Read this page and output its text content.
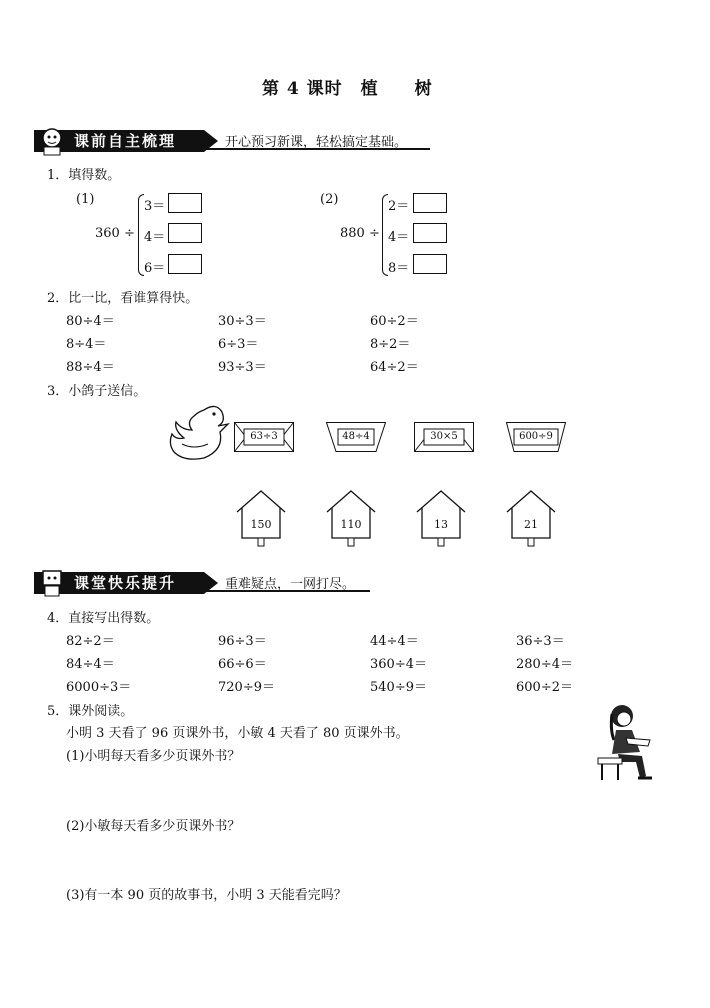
第 4 课时　植　　树
课前自主梳理	开心预习新课，轻松搞定基础。
1．填得数。
(1)
360 ÷
3＝
4＝
6＝
(2)
880 ÷
2＝
4＝
8＝
2．比一比，看谁算得快。
80÷4＝	30÷3＝	60÷2＝
8÷4＝	6÷3＝	8÷2＝
88÷4＝	93÷3＝	64÷2＝
3．小鸽子送信。
63÷3	48÷4	30×5	600÷9
150	110	13	21
课堂快乐提升	重难疑点，一网打尽。
4．直接写出得数。
82÷2＝	96÷3＝	44÷4＝	36÷3＝
84÷4＝	66÷6＝	360÷4＝	280÷4＝
6000÷3＝	720÷9＝	540÷9＝	600÷2＝
5．课外阅读。
小明 3 天看了 96 页课外书，小敏 4 天看了 80 页课外书。
(1)小明每天看多少页课外书？
(2)小敏每天看多少页课外书？
(3)有一本 90 页的故事书，小明 3 天能看完吗？
